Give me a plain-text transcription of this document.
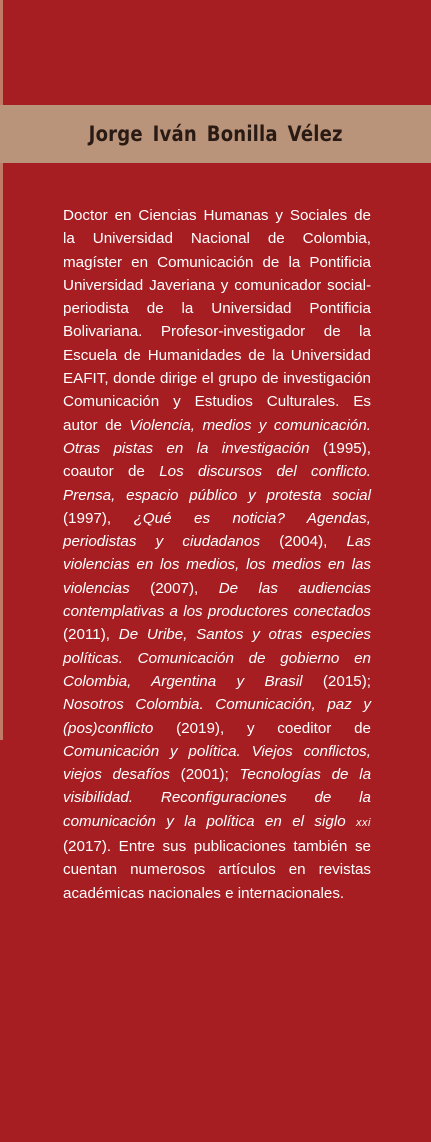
Jorge Iván Bonilla Vélez

Doctor en Ciencias Humanas y Sociales de la Universidad Nacional de Colombia, magíster en Comunicación de la Pontificia Universidad Javeriana y comunicador social-periodista de la Universidad Pontificia Bolivariana. Profesor-investigador de la Escuela de Humanidades de la Universidad EAFIT, donde dirige el grupo de investigación Comunicación y Estudios Culturales. Es autor de Violencia, medios y comunicación. Otras pistas en la investigación (1995), coautor de Los discursos del conflicto. Prensa, espacio público y protesta social (1997), ¿Qué es noticia? Agendas, periodistas y ciudadanos (2004), Las violencias en los medios, los medios en las violencias (2007), De las audiencias contemplativas a los productores conectados (2011), De Uribe, Santos y otras especies políticas. Comunicación de gobierno en Colombia, Argentina y Brasil (2015); Nosotros Colombia. Comunicación, paz y (pos)conflicto (2019), y coeditor de Comunicación y política. Viejos conflictos, viejos desafíos (2001); Tecnologías de la visibilidad. Reconfiguraciones de la comunicación y la política en el siglo xxi (2017). Entre sus publicaciones también se cuentan numerosos artículos en revistas académicas nacionales e internacionales.
